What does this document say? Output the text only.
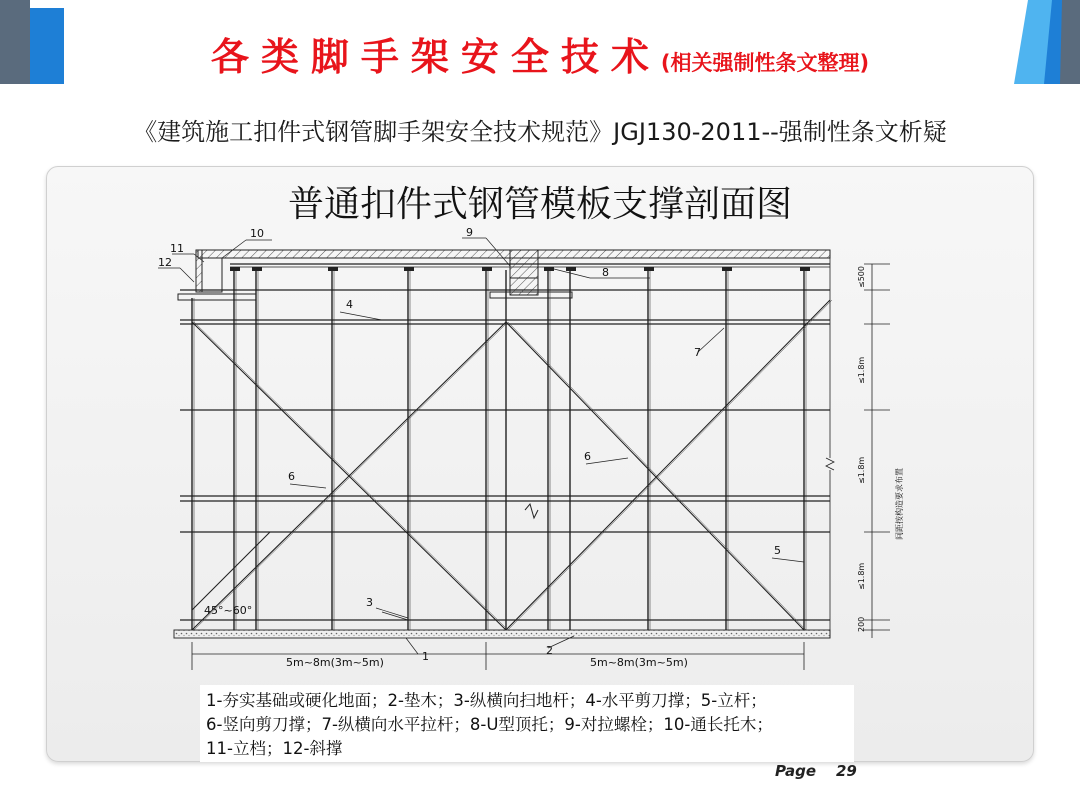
各类脚手架安全技术(相关强制性条文整理)
《建筑施工扣件式钢管脚手架安全技术规范》JGJ130-2011--强制性条文析疑
普通扣件式钢管模板支撑剖面图
11
12
10	9
8
4
7
6
6
5
3
1	2
45°~60°
5m~8m(3m~5m)	5m~8m(3m~5m)
≤500
≤1.8m
≤1.8m
≤1.8m
200
间距按构造要求布置
1-夯实基础或硬化地面；2-垫木；3-纵横向扫地杆；4-水平剪刀撑；5-立杆；
6-竖向剪刀撑；7-纵横向水平拉杆；8-U型顶托；9-对拉螺栓；10-通长托木；
11-立档；12-斜撑
Page 29
